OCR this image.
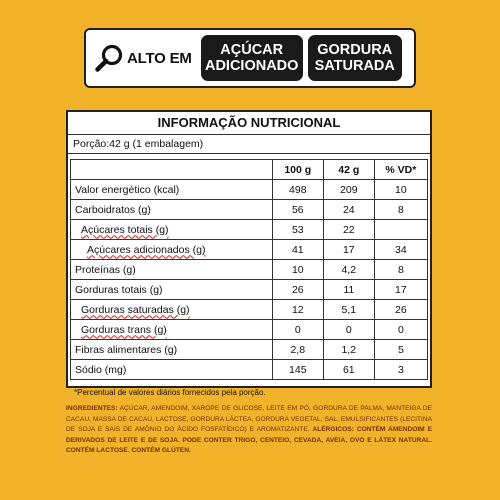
ALTO EM	AÇÚCAR
ADICIONADO
GORDURA
SATURADA
INFORMAÇÃO NUTRICIONAL
Porção:42 g (1 embalagem)
	100 g	42 g	% VD*
Valor energético (kcal)	498	209	10
Carboidratos (g)	56	24	8
Açúcares totais (g)	53	22	
Açúcares adicionados (g)	41	17	34
Proteínas (g)	10	4,2	8
Gorduras totais (g)	26	11	17
Gorduras saturadas (g)	12	5,1	26
Gorduras trans (g)	0	0	0
Fibras alimentares (g)	2,8	1,2	5
Sódio (mg)	145	61	3
*Percentual de valores diários fornecidos pela porção.
INGREDIENTES: AÇÚCAR, AMENDOIM, XAROPE DE GLICOSE, LEITE EM PÓ, GORDURA DE PALMA, MANTEIGA DE CACAU, MASSA DE CACAU, LACTOSE, GORDURA LÁCTEA, GORDURA VEGETAL, SAL, EMULSIFICANTES (LECITINA DE SOJA E SAIS DE AMÔNIO DO ÁCIDO FOSFATÍDICO) E AROMATIZANTE. ALÉRGICOS: CONTÉM AMENDOIM E DERIVADOS DE LEITE E DE SOJA. PODE CONTER TRIGO, CENTEIO, CEVADA, AVEIA, OVO E LÁTEX NATURAL. CONTÉM LACTOSE. CONTÉM GLÚTEN.
